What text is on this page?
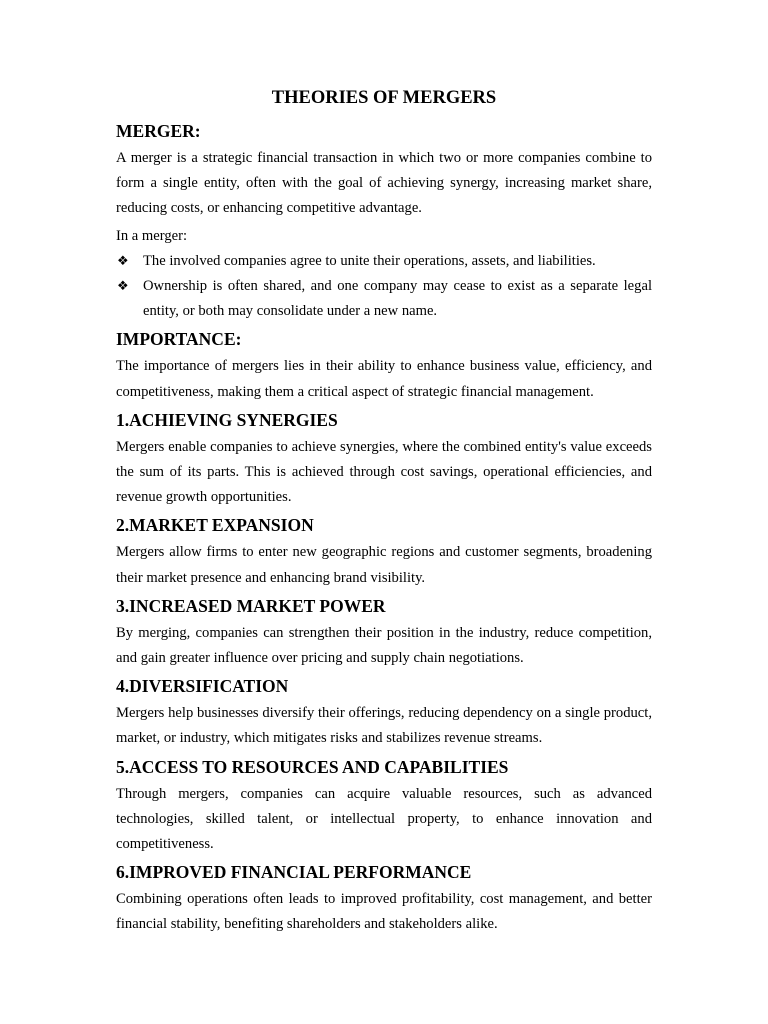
THEORIES OF MERGERS
MERGER:

A merger is a strategic financial transaction in which two or more companies combine to form a single entity, often with the goal of achieving synergy, increasing market share, reducing costs, or enhancing competitive advantage.

In a merger:

❖ The involved companies agree to unite their operations, assets, and liabilities.
❖ Ownership is often shared, and one company may cease to exist as a separate legal entity, or both may consolidate under a new name.
IMPORTANCE:

The importance of mergers lies in their ability to enhance business value, efficiency, and competitiveness, making them a critical aspect of strategic financial management.

1.ACHIEVING SYNERGIES

Mergers enable companies to achieve synergies, where the combined entity's value exceeds the sum of its parts. This is achieved through cost savings, operational efficiencies, and revenue growth opportunities.

2.MARKET EXPANSION

Mergers allow firms to enter new geographic regions and customer segments, broadening their market presence and enhancing brand visibility.

3.INCREASED MARKET POWER

By merging, companies can strengthen their position in the industry, reduce competition, and gain greater influence over pricing and supply chain negotiations.

4.DIVERSIFICATION

Mergers help businesses diversify their offerings, reducing dependency on a single product, market, or industry, which mitigates risks and stabilizes revenue streams.

5.ACCESS TO RESOURCES AND CAPABILITIES

Through mergers, companies can acquire valuable resources, such as advanced technologies, skilled talent, or intellectual property, to enhance innovation and competitiveness.

6.IMPROVED FINANCIAL PERFORMANCE

Combining operations often leads to improved profitability, cost management, and better financial stability, benefiting shareholders and stakeholders alike.
